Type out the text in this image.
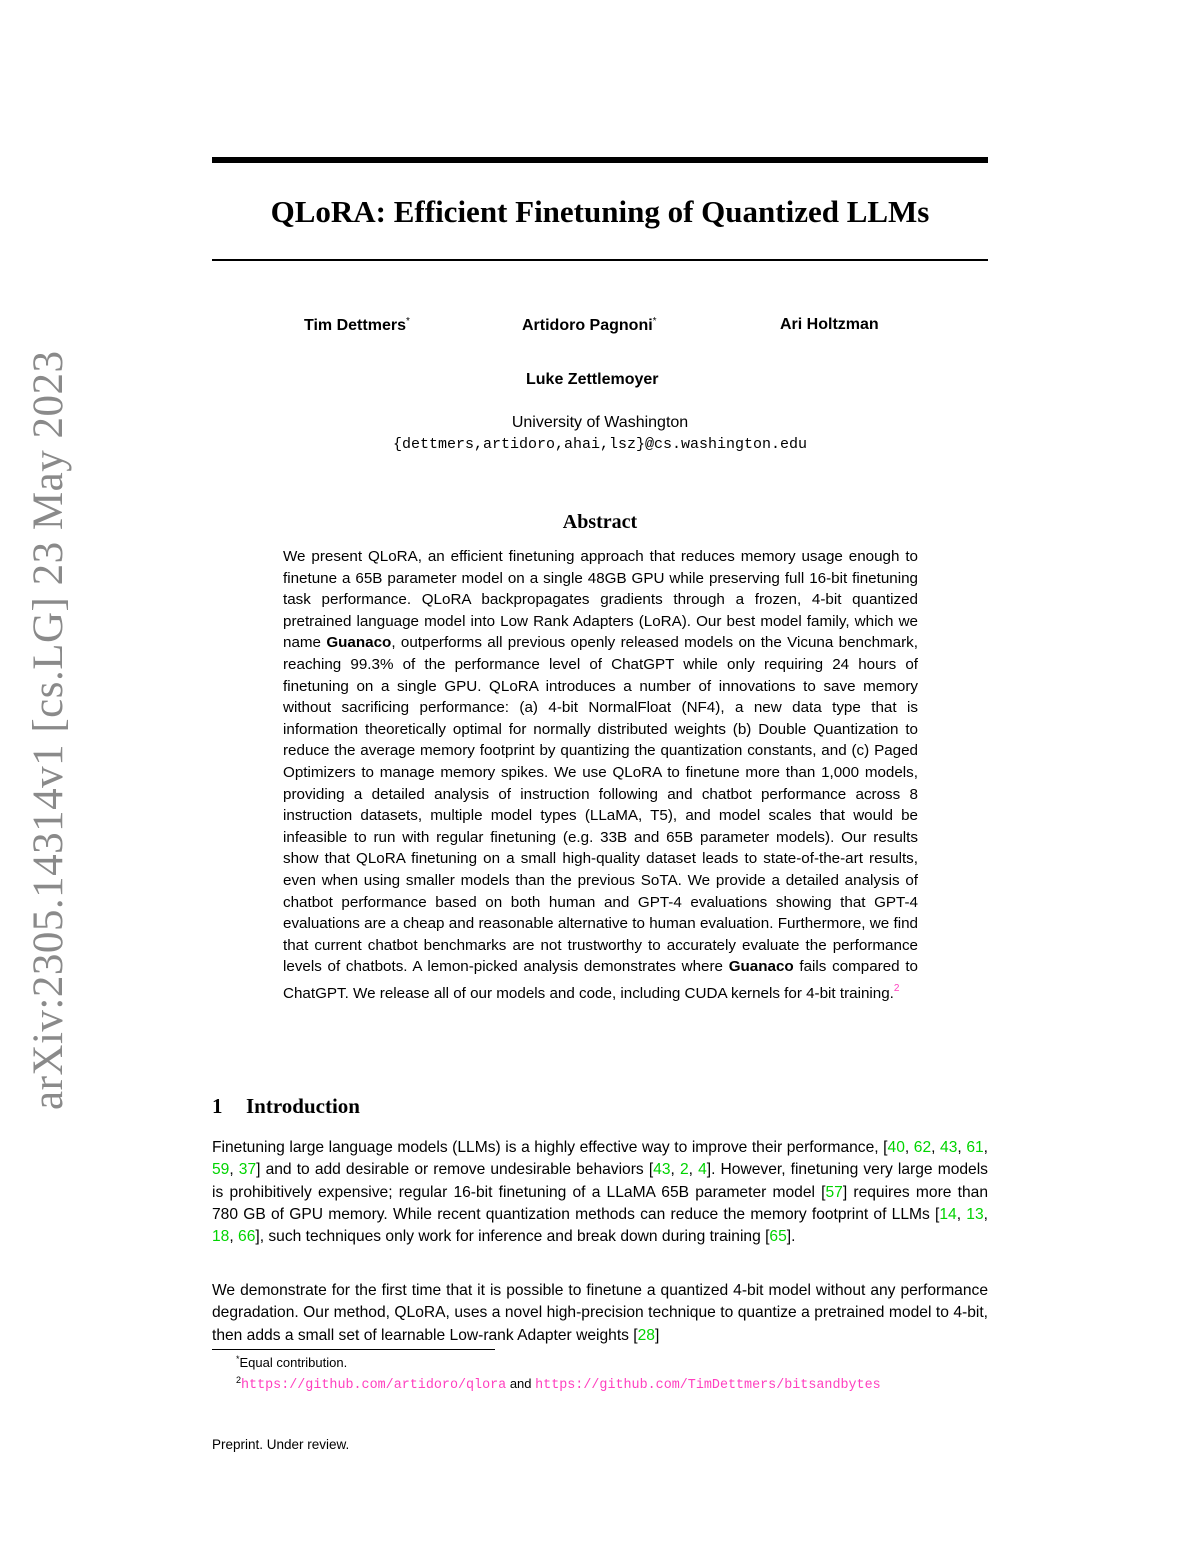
arXiv:2305.14314v1 [cs.LG] 23 May 2023
QLoRA: Efficient Finetuning of Quantized LLMs
Tim Dettmers*	Artidoro Pagnoni*	Ari Holtzman
Luke Zettlemoyer
University of Washington
{dettmers,artidoro,ahai,lsz}@cs.washington.edu
Abstract

We present QLoRA, an efficient finetuning approach that reduces memory usage enough to finetune a 65B parameter model on a single 48GB GPU while preserving full 16-bit finetuning task performance. QLoRA backpropagates gradients through a frozen, 4-bit quantized pretrained language model into Low Rank Adapters (LoRA). Our best model family, which we name Guanaco, outperforms all previous openly released models on the Vicuna benchmark, reaching 99.3% of the performance level of ChatGPT while only requiring 24 hours of finetuning on a single GPU. QLoRA introduces a number of innovations to save memory without sacrificing performance: (a) 4-bit NormalFloat (NF4), a new data type that is information theoretically optimal for normally distributed weights (b) Double Quantization to reduce the average memory footprint by quantizing the quantization constants, and (c) Paged Optimizers to manage memory spikes. We use QLoRA to finetune more than 1,000 models, providing a detailed analysis of instruction following and chatbot performance across 8 instruction datasets, multiple model types (LLaMA, T5), and model scales that would be infeasible to run with regular finetuning (e.g. 33B and 65B parameter models). Our results show that QLoRA finetuning on a small high-quality dataset leads to state-of-the-art results, even when using smaller models than the previous SoTA. We provide a detailed analysis of chatbot performance based on both human and GPT-4 evaluations showing that GPT-4 evaluations are a cheap and reasonable alternative to human evaluation. Furthermore, we find that current chatbot benchmarks are not trustworthy to accurately evaluate the performance levels of chatbots. A lemon-picked analysis demonstrates where Guanaco fails compared to ChatGPT. We release all of our models and code, including CUDA kernels for 4-bit training.$^2$

1 Introduction

Finetuning large language models (LLMs) is a highly effective way to improve their performance, [40, 62, 43, 61, 59, 37] and to add desirable or remove undesirable behaviors [43, 2, 4]. However, finetuning very large models is prohibitively expensive; regular 16-bit finetuning of a LLaMA 65B parameter model [57] requires more than 780 GB of GPU memory. While recent quantization methods can reduce the memory footprint of LLMs [14, 13, 18, 66], such techniques only work for inference and break down during training [65].

We demonstrate for the first time that it is possible to finetune a quantized 4-bit model without any performance degradation. Our method, QLoRA, uses a novel high-precision technique to quantize a pretrained model to 4-bit, then adds a small set of learnable Low-rank Adapter weights [28]

*Equal contribution.
$^2$https://github.com/artidoro/qlora and https://github.com/TimDettmers/bitsandbytes
Preprint. Under review.
